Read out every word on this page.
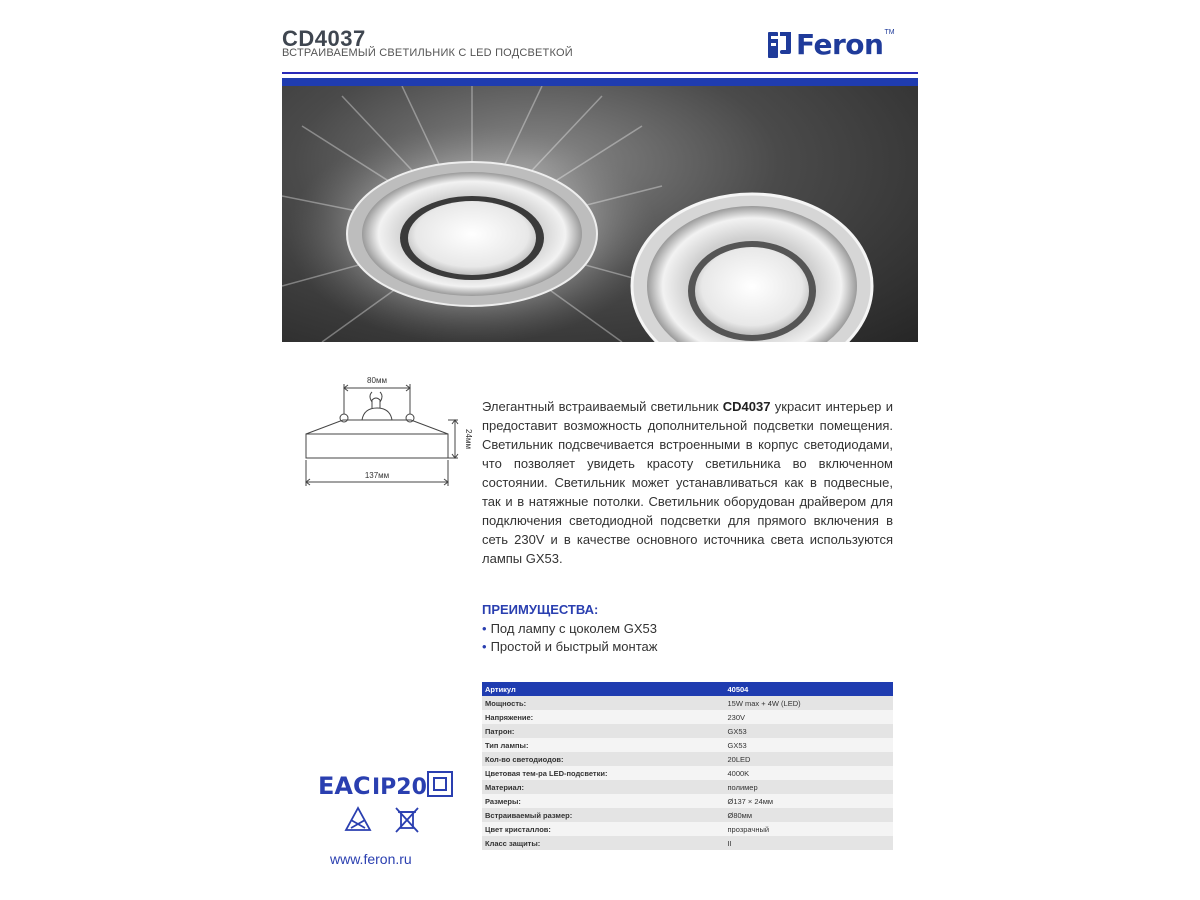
CD4037
ВСТРАИВАЕМЫЙ СВЕТИЛЬНИК С LED ПОДСВЕТКОЙ	Feron TM
80мм
24мм
137мм
Элегантный встраиваемый светильник CD4037 украсит интерьер и предоставит возможность дополнительной подсветки помещения. Светильник подсвечивается встроенными в корпус светодиодами, что позволяет увидеть красоту светильника во включенном состоянии. Светильник может устанавливаться как в подвесные, так и в натяжные потолки. Светильник оборудован драйвером для подключения светодиодной подсветки для прямого включения в сеть 230V и в качестве основного источника света используются лампы GX53.
ПРЕИМУЩЕСТВА:
• Под лампу с цоколем GX53
• Простой и быстрый монтаж
Артикул	40504
Мощность:	15W max + 4W (LED)
Напряжение:	230V
Патрон:	GX53
Тип лампы:	GX53
Кол-во светодиодов:	20LED
Цветовая тем-ра LED-подсветки:	4000K
Материал:	полимер
Размеры:	Ø137 × 24мм
Встраиваемый размер:	Ø80мм
Цвет кристаллов:	прозрачный
Класс защиты:	II
ЕAC IP20
www.feron.ru
